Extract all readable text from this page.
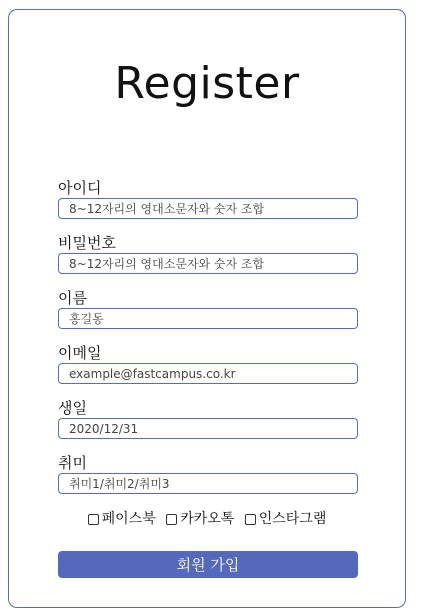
Register
아이디
8~12자리의 영대소문자와 숫자 조합
비밀번호
8~12자리의 영대소문자와 숫자 조합
이름
홍길동
이메일
example@fastcampus.co.kr
생일
2020/12/31
취미
취미1/취미2/취미3
페이스북
카카오톡
인스타그램
회원 가입
